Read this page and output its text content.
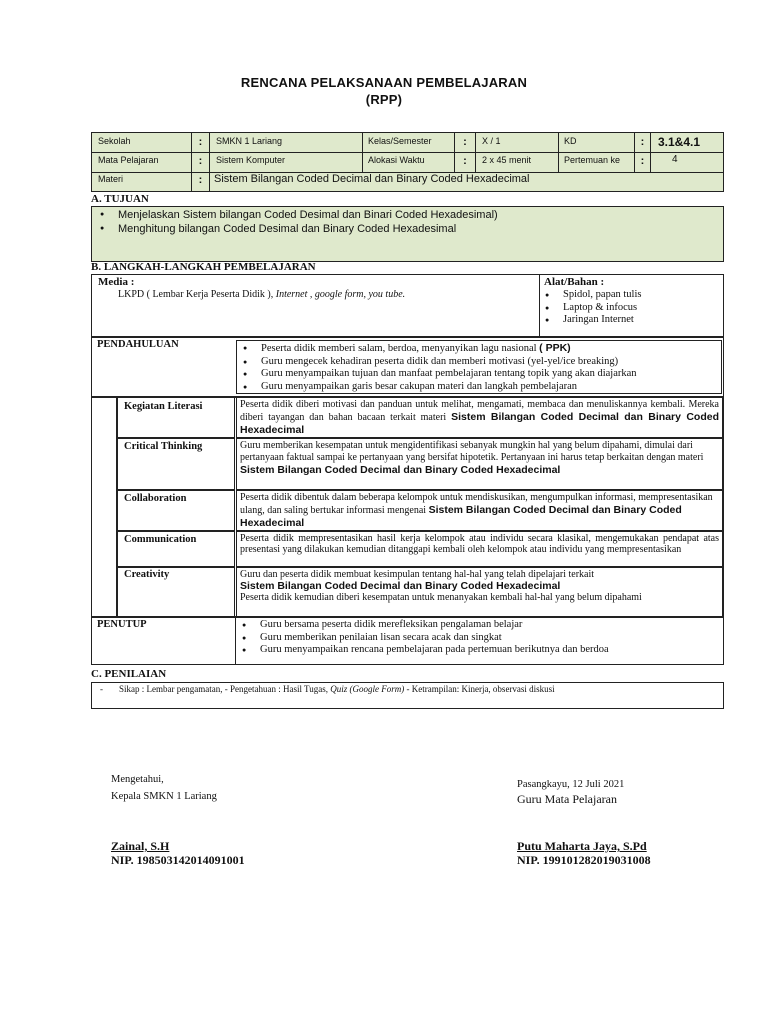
RENCANA PELAKSANAAN PEMBELAJARAN
(RPP)
Sekolah	:	SMKN 1 Lariang	Kelas/Semester	:	X / 1	KD	:	3.1&4.1
Mata Pelajaran	:	Sistem Komputer	Alokasi Waktu	:	2 x 45 menit	Pertemuan ke	:	4
Materi	:	Sistem Bilangan Coded Decimal dan Binary Coded Hexadecimal
A. TUJUAN
● Menjelaskan Sistem bilangan Coded Desimal dan Binari Coded Hexadesimal)
● Menghitung bilangan Coded Desimal dan Binary Coded Hexadesimal
B. LANGKAH-LANGKAH PEMBELAJARAN
Media :
LKPD ( Lembar Kerja Peserta Didik ), Internet , google form, you tube.
Alat/Bahan :
● Spidol, papan tulis
● Laptop & infocus
● Jaringan Internet
PENDAHULUAN	● Peserta didik memberi salam, berdoa, menyanyikan lagu nasional ( PPK)
● Guru mengecek kehadiran peserta didik dan memberi motivasi (yel-yel/ice breaking)
● Guru menyampaikan tujuan dan manfaat pembelajaran tentang topik yang akan diajarkan
● Guru menyampaikan garis besar cakupan materi dan langkah pembelajaran
Kegiatan Literasi	Peserta didik diberi motivasi dan panduan untuk melihat, mengamati, membaca dan menuliskannya kembali. Mereka diberi tayangan dan bahan bacaan terkait materi Sistem Bilangan Coded Decimal dan Binary Coded Hexadecimal
Critical Thinking	Guru memberikan kesempatan untuk mengidentifikasi sebanyak mungkin hal yang belum dipahami, dimulai dari pertanyaan faktual sampai ke pertanyaan yang bersifat hipotetik. Pertanyaan ini harus tetap berkaitan dengan materi Sistem Bilangan Coded Decimal dan Binary Coded Hexadecimal
Collaboration	Peserta didik dibentuk dalam beberapa kelompok untuk mendiskusikan, mengumpulkan informasi, mempresentasikan ulang, dan saling bertukar informasi mengenai Sistem Bilangan Coded Decimal dan Binary Coded Hexadecimal
Communication	Peserta didik mempresentasikan hasil kerja kelompok atau individu secara klasikal, mengemukakan pendapat atas presentasi yang dilakukan kemudian ditanggapi kembali oleh kelompok atau individu yang mempresentasikan
Creativity	Guru dan peserta didik membuat kesimpulan tentang hal-hal yang telah dipelajari terkait
Sistem Bilangan Coded Decimal dan Binary Coded Hexadecimal
Peserta didik kemudian diberi kesempatan untuk menanyakan kembali hal-hal yang belum dipahami
PENUTUP	● Guru bersama peserta didik merefleksikan pengalaman belajar
● Guru memberikan penilaian lisan secara acak dan singkat
● Guru menyampaikan rencana pembelajaran pada pertemuan berikutnya dan berdoa
C. PENILAIAN
- Sikap : Lembar pengamatan, - Pengetahuan : Hasil Tugas, Quiz (Google Form) - Ketrampilan: Kinerja, observasi diskusi
Mengetahui,
Kepala SMKN 1 Lariang
Zainal, S.H
NIP. 198503142014091001
Pasangkayu, 12 Juli 2021
Guru Mata Pelajaran
Putu Maharta Jaya, S.Pd
NIP. 199101282019031008
